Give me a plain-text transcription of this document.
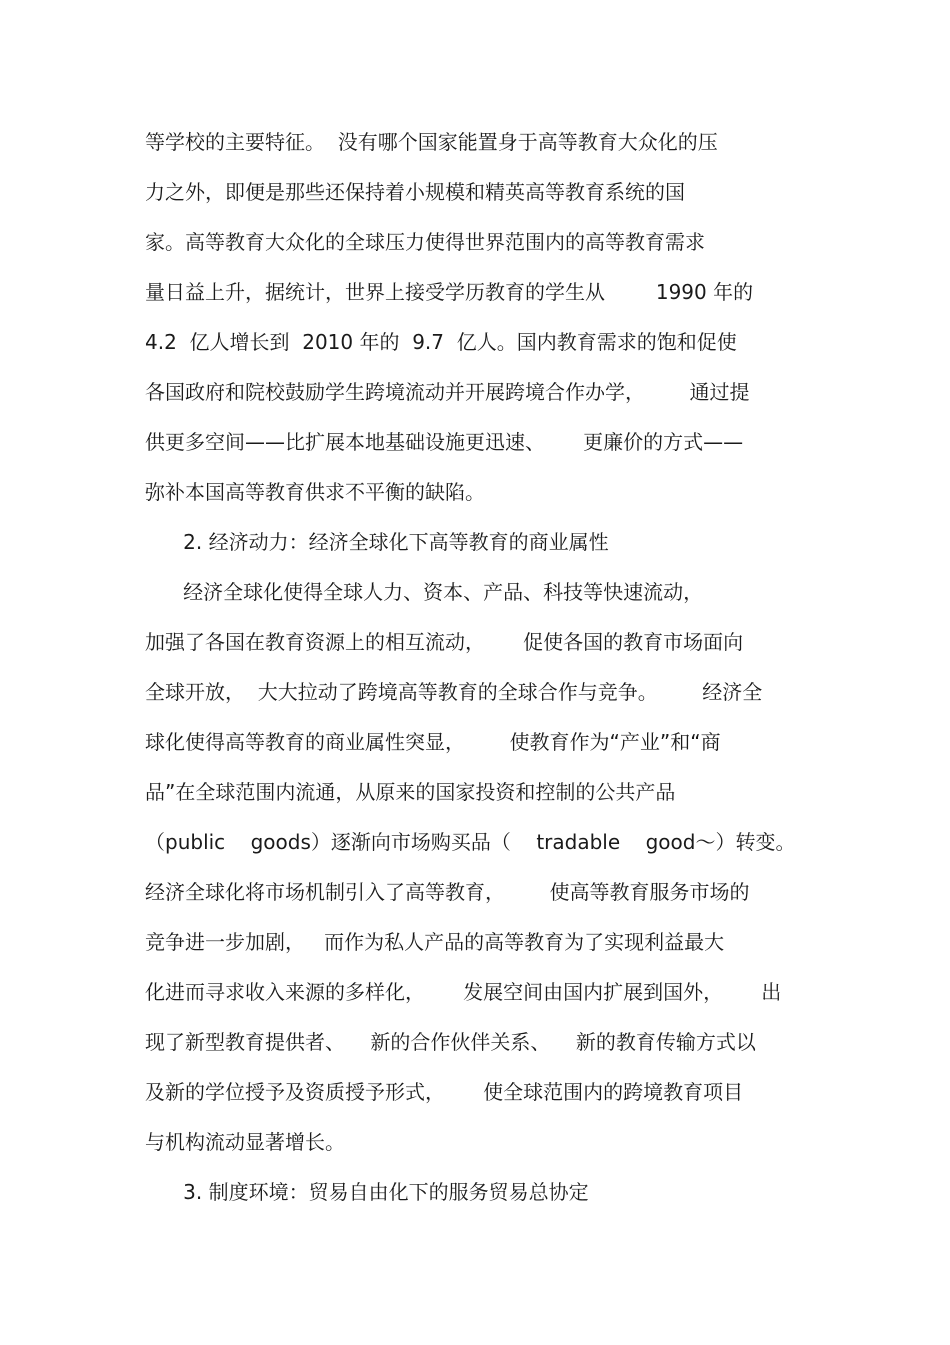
等学校的主要特征。  没有哪个国家能置身于高等教育大众化的压
力之外，即便是那些还保持着小规模和精英高等教育系统的国
家。高等教育大众化的全球压力使得世界范围内的高等教育需求
量日益上升，据统计，世界上接受学历教育的学生从        1990 年的
4.2  亿人增长到  2010 年的  9.7  亿人。国内教育需求的饱和促使
各国政府和院校鼓励学生跨境流动并开展跨境合作办学，       通过提
供更多空间——比扩展本地基础设施更迅速、      更廉价的方式——
弥补本国高等教育供求不平衡的缺陷。
2. 经济动力：经济全球化下高等教育的商业属性
经济全球化使得全球人力、资本、产品、科技等快速流动，
加强了各国在教育资源上的相互流动，      促使各国的教育市场面向
全球开放，  大大拉动了跨境高等教育的全球合作与竞争。       经济全
球化使得高等教育的商业属性突显，       使教育作为“产业”和“商
品”在全球范围内流通，从原来的国家投资和控制的公共产品
（public    goods）逐渐向市场购买品（    tradable    good～）转变。
经济全球化将市场机制引入了高等教育，       使高等教育服务市场的
竞争进一步加剧，   而作为私人产品的高等教育为了实现利益最大
化进而寻求收入来源的多样化，      发展空间由国内扩展到国外，      出
现了新型教育提供者、    新的合作伙伴关系、    新的教育传输方式以
及新的学位授予及资质授予形式，      使全球范围内的跨境教育项目
与机构流动显著增长。
3. 制度环境：贸易自由化下的服务贸易总协定
